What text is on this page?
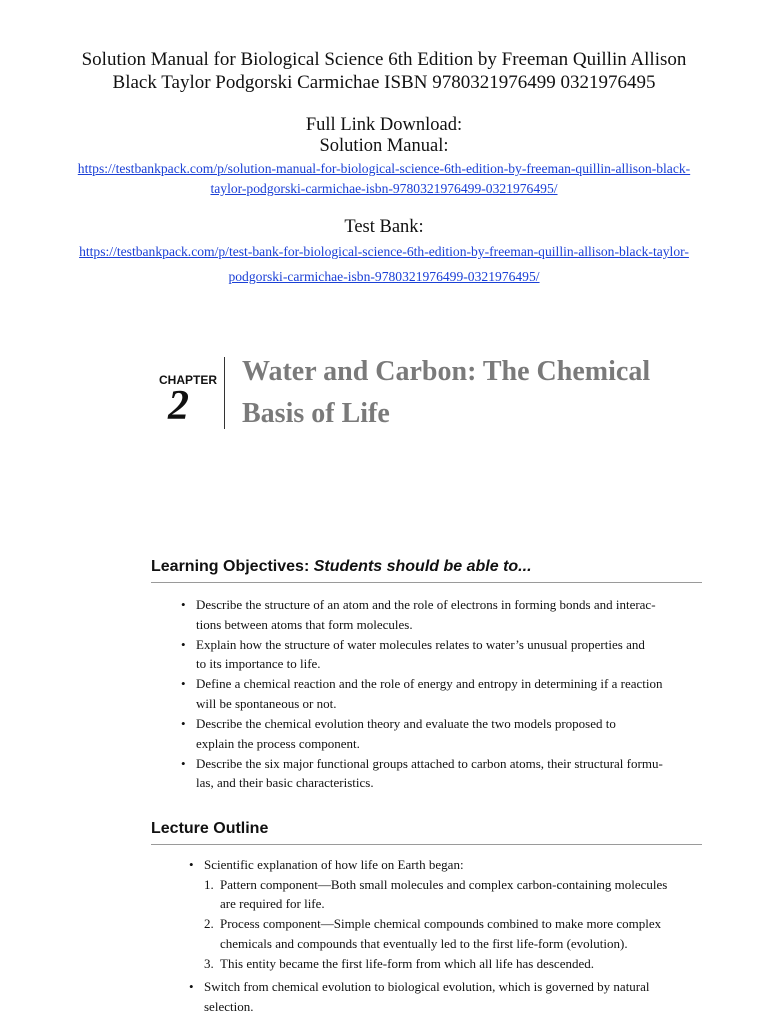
Solution Manual for Biological Science 6th Edition by Freeman Quillin Allison
Black Taylor Podgorski Carmichae ISBN 9780321976499 0321976495
Full Link Download:
Solution Manual:
https://testbankpack.com/p/solution-manual-for-biological-science-6th-edition-by-freeman-quillin-allison-black-
taylor-podgorski-carmichae-isbn-9780321976499-0321976495/
Test Bank:
https://testbankpack.com/p/test-bank-for-biological-science-6th-edition-by-freeman-quillin-allison-black-taylor-
podgorski-carmichae-isbn-9780321976499-0321976495/
CHAPTER
2
Water and Carbon: The Chemical
Basis of Life
Learning Objectives: Students should be able to...
• Describe the structure of an atom and the role of electrons in forming bonds and interac-
tions between atoms that form molecules.
• Explain how the structure of water molecules relates to water’s unusual properties and
to its importance to life.
• Define a chemical reaction and the role of energy and entropy in determining if a reaction
will be spontaneous or not.
• Describe the chemical evolution theory and evaluate the two models proposed to
explain the process component.
• Describe the six major functional groups attached to carbon atoms, their structural formu-
las, and their basic characteristics.
Lecture Outline
• Scientific explanation of how life on Earth began:
1. Pattern component—Both small molecules and complex carbon-containing molecules
are required for life.
2. Process component—Simple chemical compounds combined to make more complex
chemicals and compounds that eventually led to the first life-form (evolution).
3. This entity became the first life-form from which all life has descended.
• Switch from chemical evolution to biological evolution, which is governed by natural
selection.
